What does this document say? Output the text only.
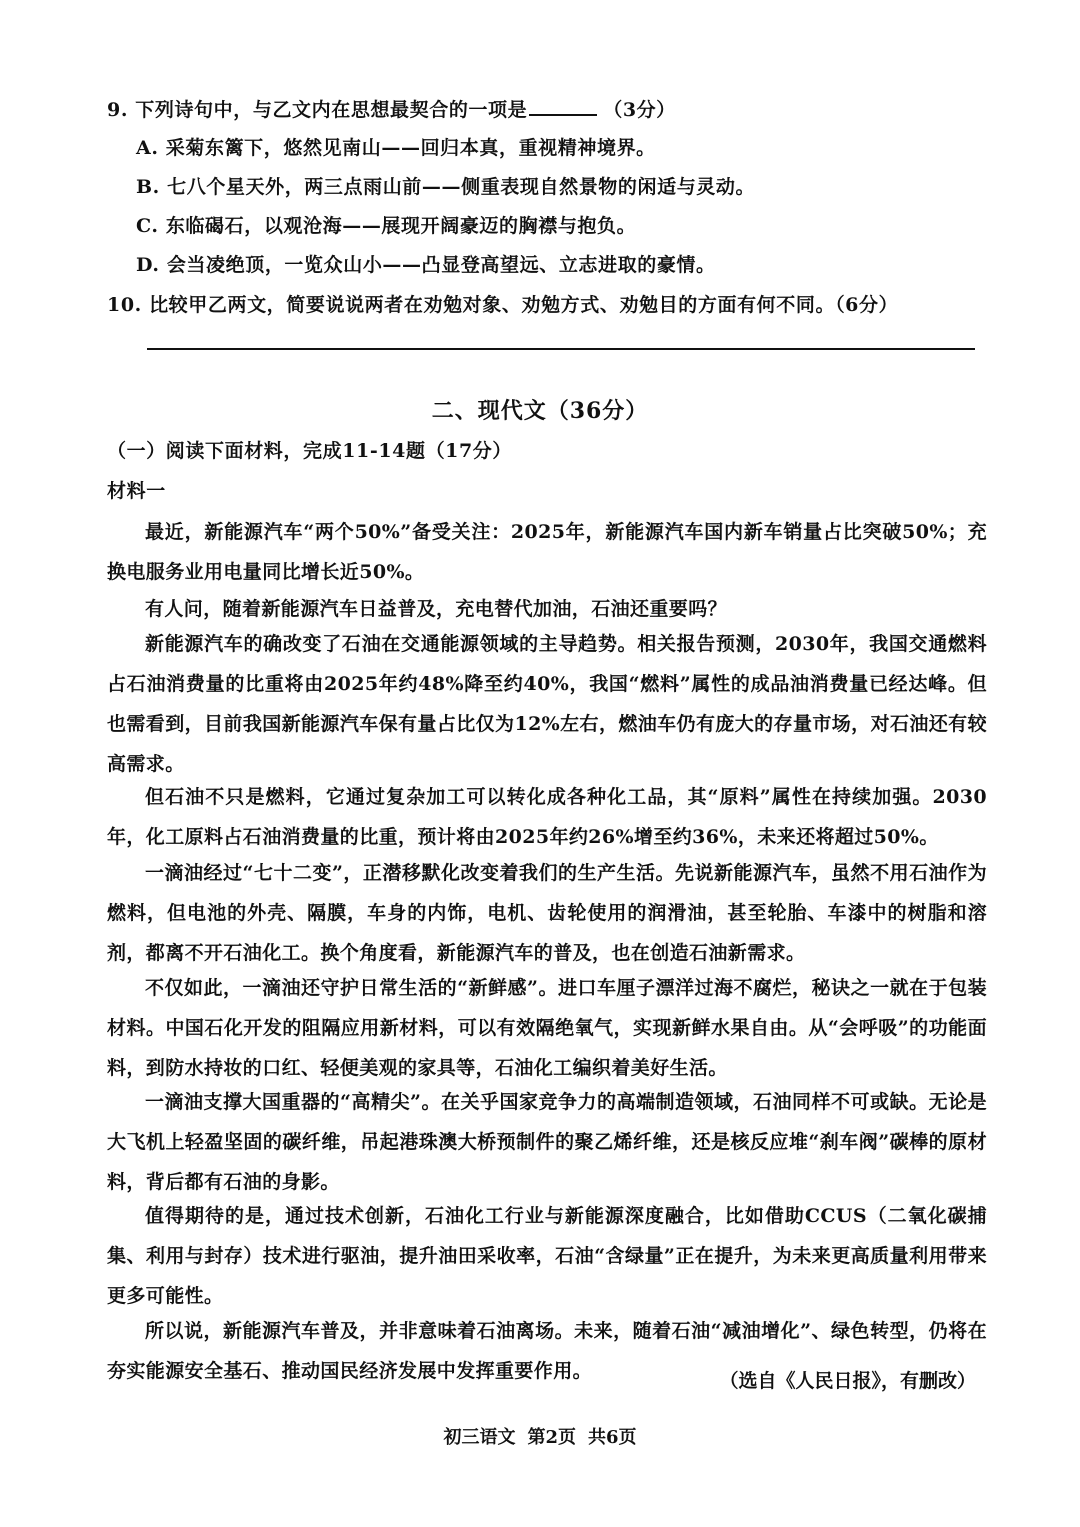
9. 下列诗句中，与乙文内在思想最契合的一项是	（3分）
A. 采菊东篱下，悠然见南山——回归本真，重视精神境界。
B. 七八个星天外，两三点雨山前——侧重表现自然景物的闲适与灵动。
C. 东临碣石，以观沧海——展现开阔豪迈的胸襟与抱负。
D. 会当凌绝顶，一览众山小——凸显登高望远、立志进取的豪情。
10. 比较甲乙两文，简要说说两者在劝勉对象、劝勉方式、劝勉目的方面有何不同。（6分）
二、现代文（36分）
（一）阅读下面材料，完成11-14题（17分）
材料一
最近，新能源汽车“两个50%”备受关注：2025年，新能源汽车国内新车销量占比突破50%；充换电服务业用电量同比增长近50%。
有人问，随着新能源汽车日益普及，充电替代加油，石油还重要吗？
新能源汽车的确改变了石油在交通能源领域的主导趋势。相关报告预测，2030年，我国交通燃料占石油消费量的比重将由2025年约48%降至约40%，我国“燃料”属性的成品油消费量已经达峰。但也需看到，目前我国新能源汽车保有量占比仅为12%左右，燃油车仍有庞大的存量市场，对石油还有较高需求。
但石油不只是燃料，它通过复杂加工可以转化成各种化工品，其“原料”属性在持续加强。2030年，化工原料占石油消费量的比重，预计将由2025年约26%增至约36%，未来还将超过50%。
一滴油经过“七十二变”，正潜移默化改变着我们的生产生活。先说新能源汽车，虽然不用石油作为燃料，但电池的外壳、隔膜，车身的内饰，电机、齿轮使用的润滑油，甚至轮胎、车漆中的树脂和溶剂，都离不开石油化工。换个角度看，新能源汽车的普及，也在创造石油新需求。
不仅如此，一滴油还守护日常生活的“新鲜感”。进口车厘子漂洋过海不腐烂，秘诀之一就在于包装材料。中国石化开发的阻隔应用新材料，可以有效隔绝氧气，实现新鲜水果自由。从“会呼吸”的功能面料，到防水持妆的口红、轻便美观的家具等，石油化工编织着美好生活。
一滴油支撑大国重器的“高精尖”。在关乎国家竞争力的高端制造领域，石油同样不可或缺。无论是大飞机上轻盈坚固的碳纤维，吊起港珠澳大桥预制件的聚乙烯纤维，还是核反应堆“刹车阀”碳棒的原材料，背后都有石油的身影。
值得期待的是，通过技术创新，石油化工行业与新能源深度融合，比如借助CCUS（二氧化碳捕集、利用与封存）技术进行驱油，提升油田采收率，石油“含绿量”正在提升，为未来更高质量利用带来更多可能性。
所以说，新能源汽车普及，并非意味着石油离场。未来，随着石油“减油增化”、绿色转型，仍将在夯实能源安全基石、推动国民经济发展中发挥重要作用。	（选自《人民日报》，有删改）
初三语文 第2页 共6页
